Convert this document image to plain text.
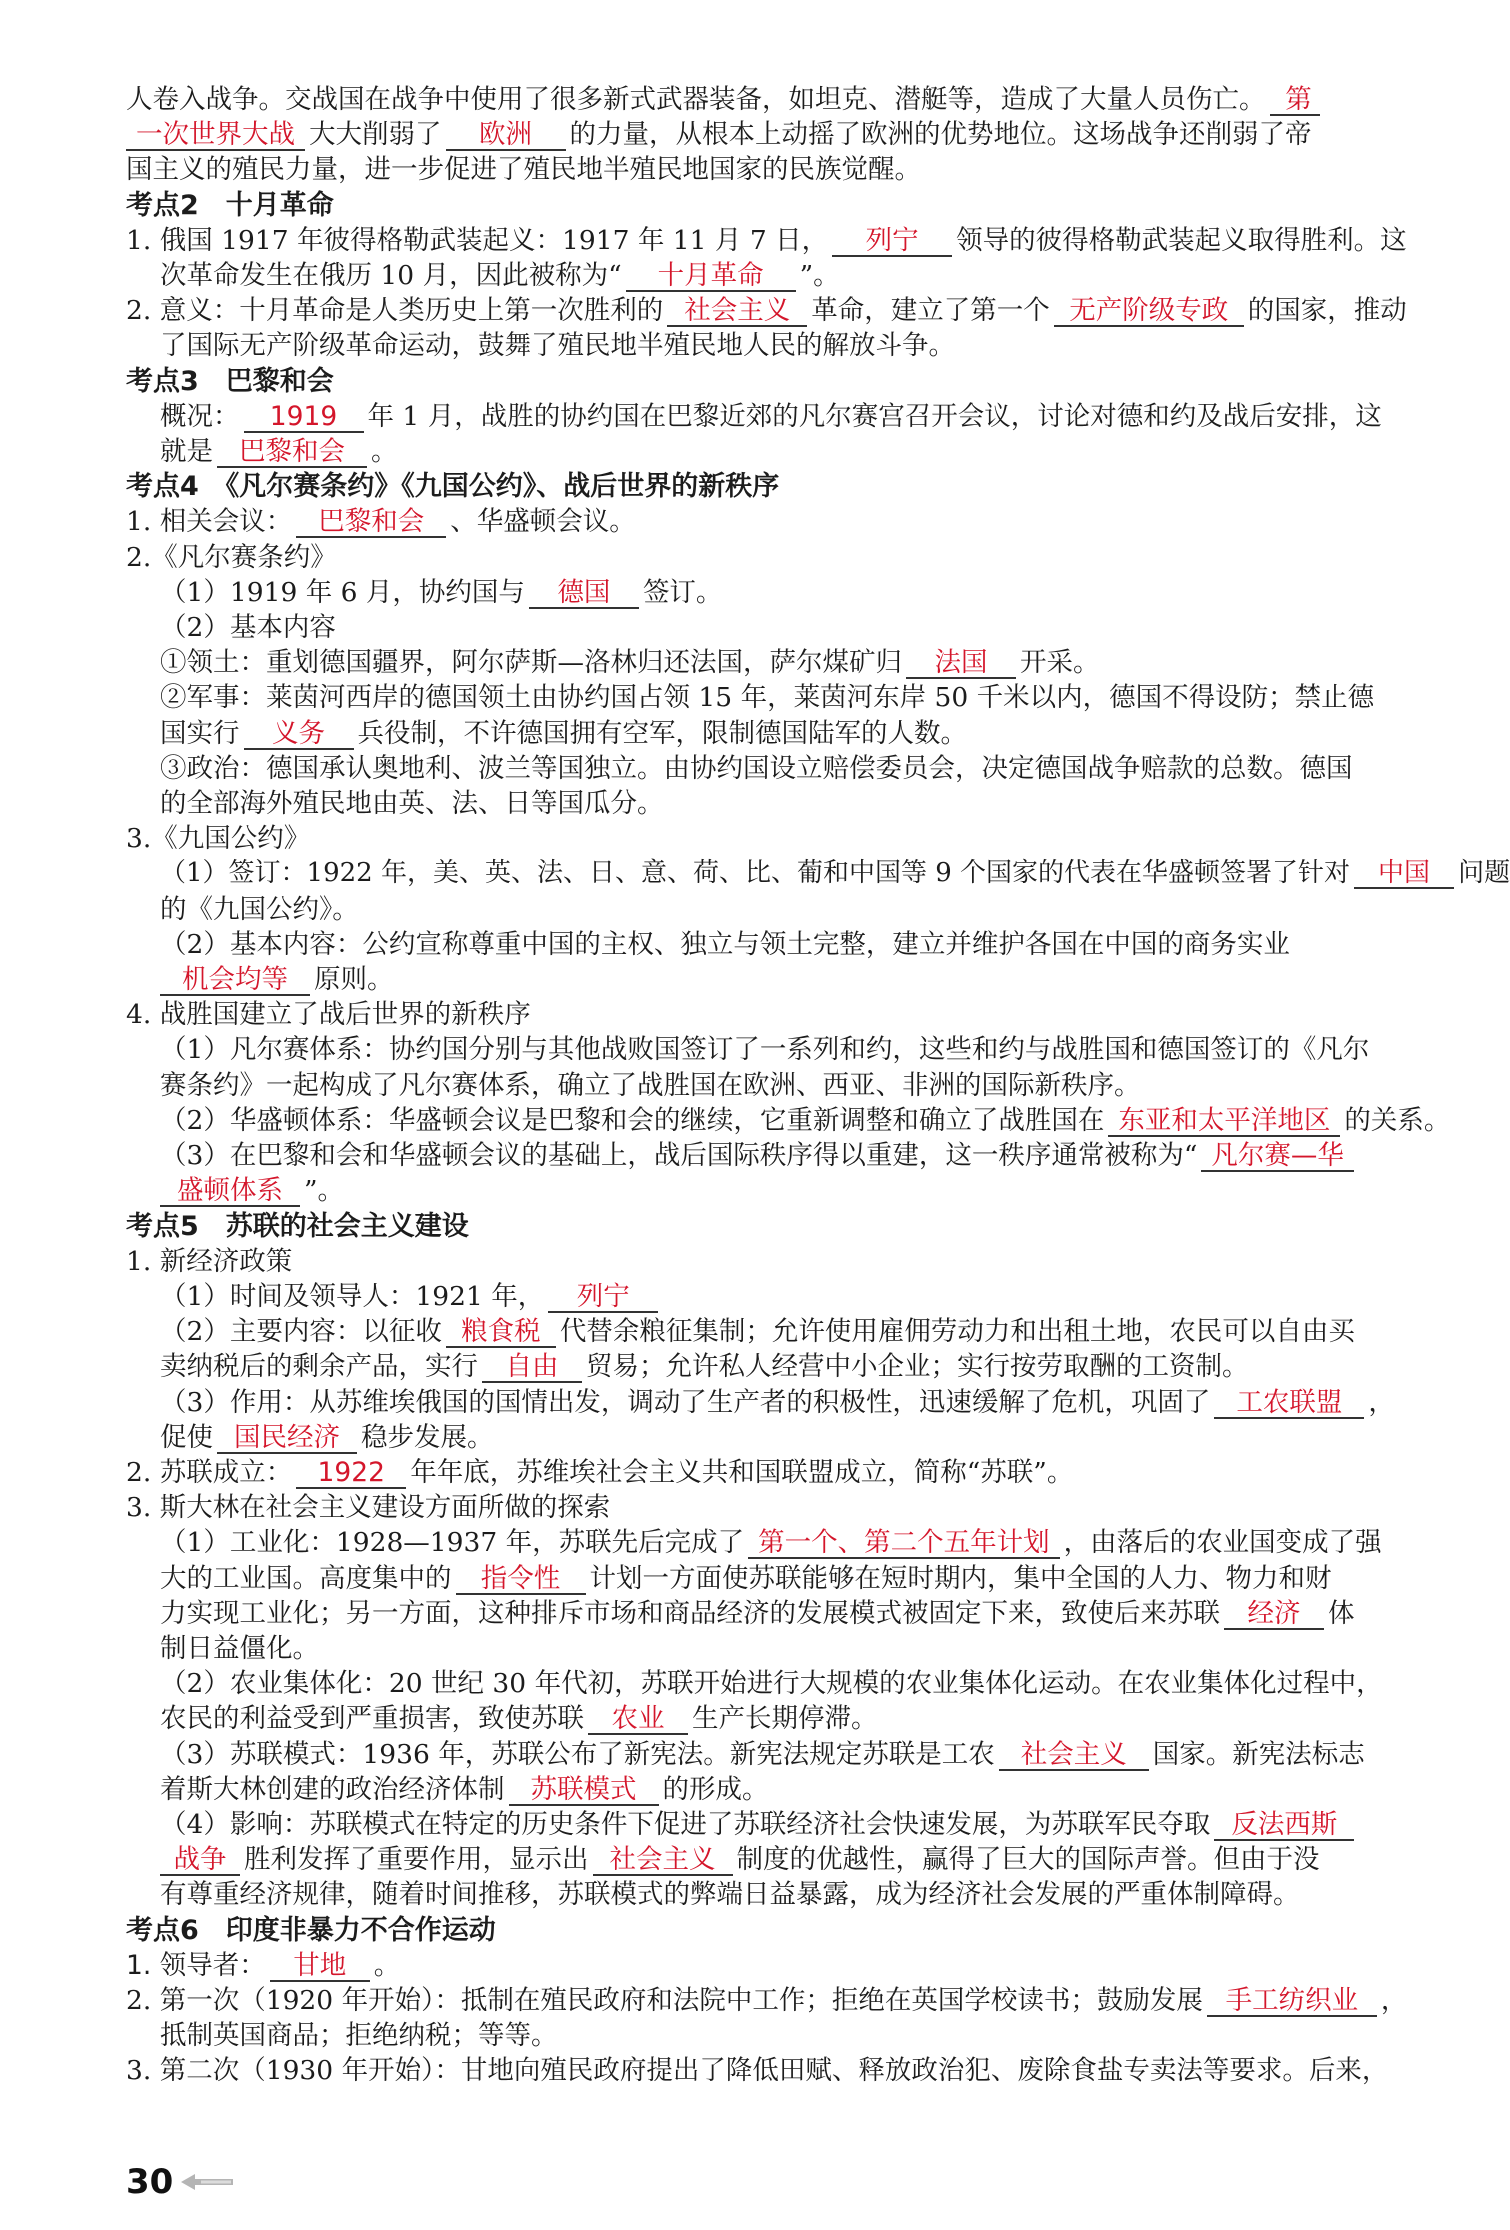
人卷入战争。交战国在战争中使用了很多新式武器装备，如坦克、潜艇等，造成了大量人员伤亡。 第
一次世界大战 大大削弱了 欧洲 的力量，从根本上动摇了欧洲的优势地位。这场战争还削弱了帝
国主义的殖民力量，进一步促进了殖民地半殖民地国家的民族觉醒。
考点2　十月革命
1. 俄国 1917 年彼得格勒武装起义：1917 年 11 月 7 日， 列宁 领导的彼得格勒武装起义取得胜利。这
次革命发生在俄历 10 月，因此被称为“ 十月革命 ”。
2. 意义：十月革命是人类历史上第一次胜利的 社会主义 革命，建立了第一个 无产阶级专政 的国家，推动
了国际无产阶级革命运动，鼓舞了殖民地半殖民地人民的解放斗争。
考点3　巴黎和会
概况： 1919 年 1 月，战胜的协约国在巴黎近郊的凡尔赛宫召开会议，讨论对德和约及战后安排，这
就是 巴黎和会 。
考点4　《凡尔赛条约》《九国公约》、战后世界的新秩序
1. 相关会议： 巴黎和会 、华盛顿会议。
2.《凡尔赛条约》
（1）1919 年 6 月，协约国与 德国 签订。
（2）基本内容
①领土：重划德国疆界，阿尔萨斯—洛林归还法国，萨尔煤矿归 法国 开采。
②军事：莱茵河西岸的德国领土由协约国占领 15 年，莱茵河东岸 50 千米以内，德国不得设防；禁止德
国实行 义务 兵役制，不许德国拥有空军，限制德国陆军的人数。
③政治：德国承认奥地利、波兰等国独立。由协约国设立赔偿委员会，决定德国战争赔款的总数。德国
的全部海外殖民地由英、法、日等国瓜分。
3.《九国公约》
（1）签订：1922 年，美、英、法、日、意、荷、比、葡和中国等 9 个国家的代表在华盛顿签署了针对 中国 问题
的《九国公约》。
（2）基本内容：公约宣称尊重中国的主权、独立与领土完整，建立并维护各国在中国的商务实业
机会均等 原则。
4. 战胜国建立了战后世界的新秩序
（1）凡尔赛体系：协约国分别与其他战败国签订了一系列和约，这些和约与战胜国和德国签订的《凡尔
赛条约》一起构成了凡尔赛体系，确立了战胜国在欧洲、西亚、非洲的国际新秩序。
（2）华盛顿体系：华盛顿会议是巴黎和会的继续，它重新调整和确立了战胜国在 东亚和太平洋地区 的关系。
（3）在巴黎和会和华盛顿会议的基础上，战后国际秩序得以重建，这一秩序通常被称为“ 凡尔赛—华
盛顿体系 ”。
考点5　苏联的社会主义建设
1. 新经济政策
（1）时间及领导人：1921 年， 列宁
（2）主要内容：以征收 粮食税 代替余粮征集制；允许使用雇佣劳动力和出租土地，农民可以自由买
卖纳税后的剩余产品，实行 自由 贸易；允许私人经营中小企业；实行按劳取酬的工资制。
（3）作用：从苏维埃俄国的国情出发，调动了生产者的积极性，迅速缓解了危机，巩固了 工农联盟 ，
促使 国民经济 稳步发展。
2. 苏联成立： 1922 年年底，苏维埃社会主义共和国联盟成立，简称“苏联”。
3. 斯大林在社会主义建设方面所做的探索
（1）工业化：1928—1937 年，苏联先后完成了 第一个、第二个五年计划 ，由落后的农业国变成了强
大的工业国。高度集中的 指令性 计划一方面使苏联能够在短时期内，集中全国的人力、物力和财
力实现工业化；另一方面，这种排斥市场和商品经济的发展模式被固定下来，致使后来苏联 经济 体
制日益僵化。
（2）农业集体化：20 世纪 30 年代初，苏联开始进行大规模的农业集体化运动。在农业集体化过程中，
农民的利益受到严重损害，致使苏联 农业 生产长期停滞。
（3）苏联模式：1936 年，苏联公布了新宪法。新宪法规定苏联是工农 社会主义 国家。新宪法标志
着斯大林创建的政治经济体制 苏联模式 的形成。
（4）影响：苏联模式在特定的历史条件下促进了苏联经济社会快速发展，为苏联军民夺取 反法西斯
战争 胜利发挥了重要作用，显示出 社会主义 制度的优越性，赢得了巨大的国际声誉。但由于没
有尊重经济规律，随着时间推移，苏联模式的弊端日益暴露，成为经济社会发展的严重体制障碍。
考点6　印度非暴力不合作运动
1. 领导者： 甘地 。
2. 第一次（1920 年开始）：抵制在殖民政府和法院中工作；拒绝在英国学校读书；鼓励发展 手工纺织业 ，
抵制英国商品；拒绝纳税；等等。
3. 第二次（1930 年开始）：甘地向殖民政府提出了降低田赋、释放政治犯、废除食盐专卖法等要求。后来，
30
